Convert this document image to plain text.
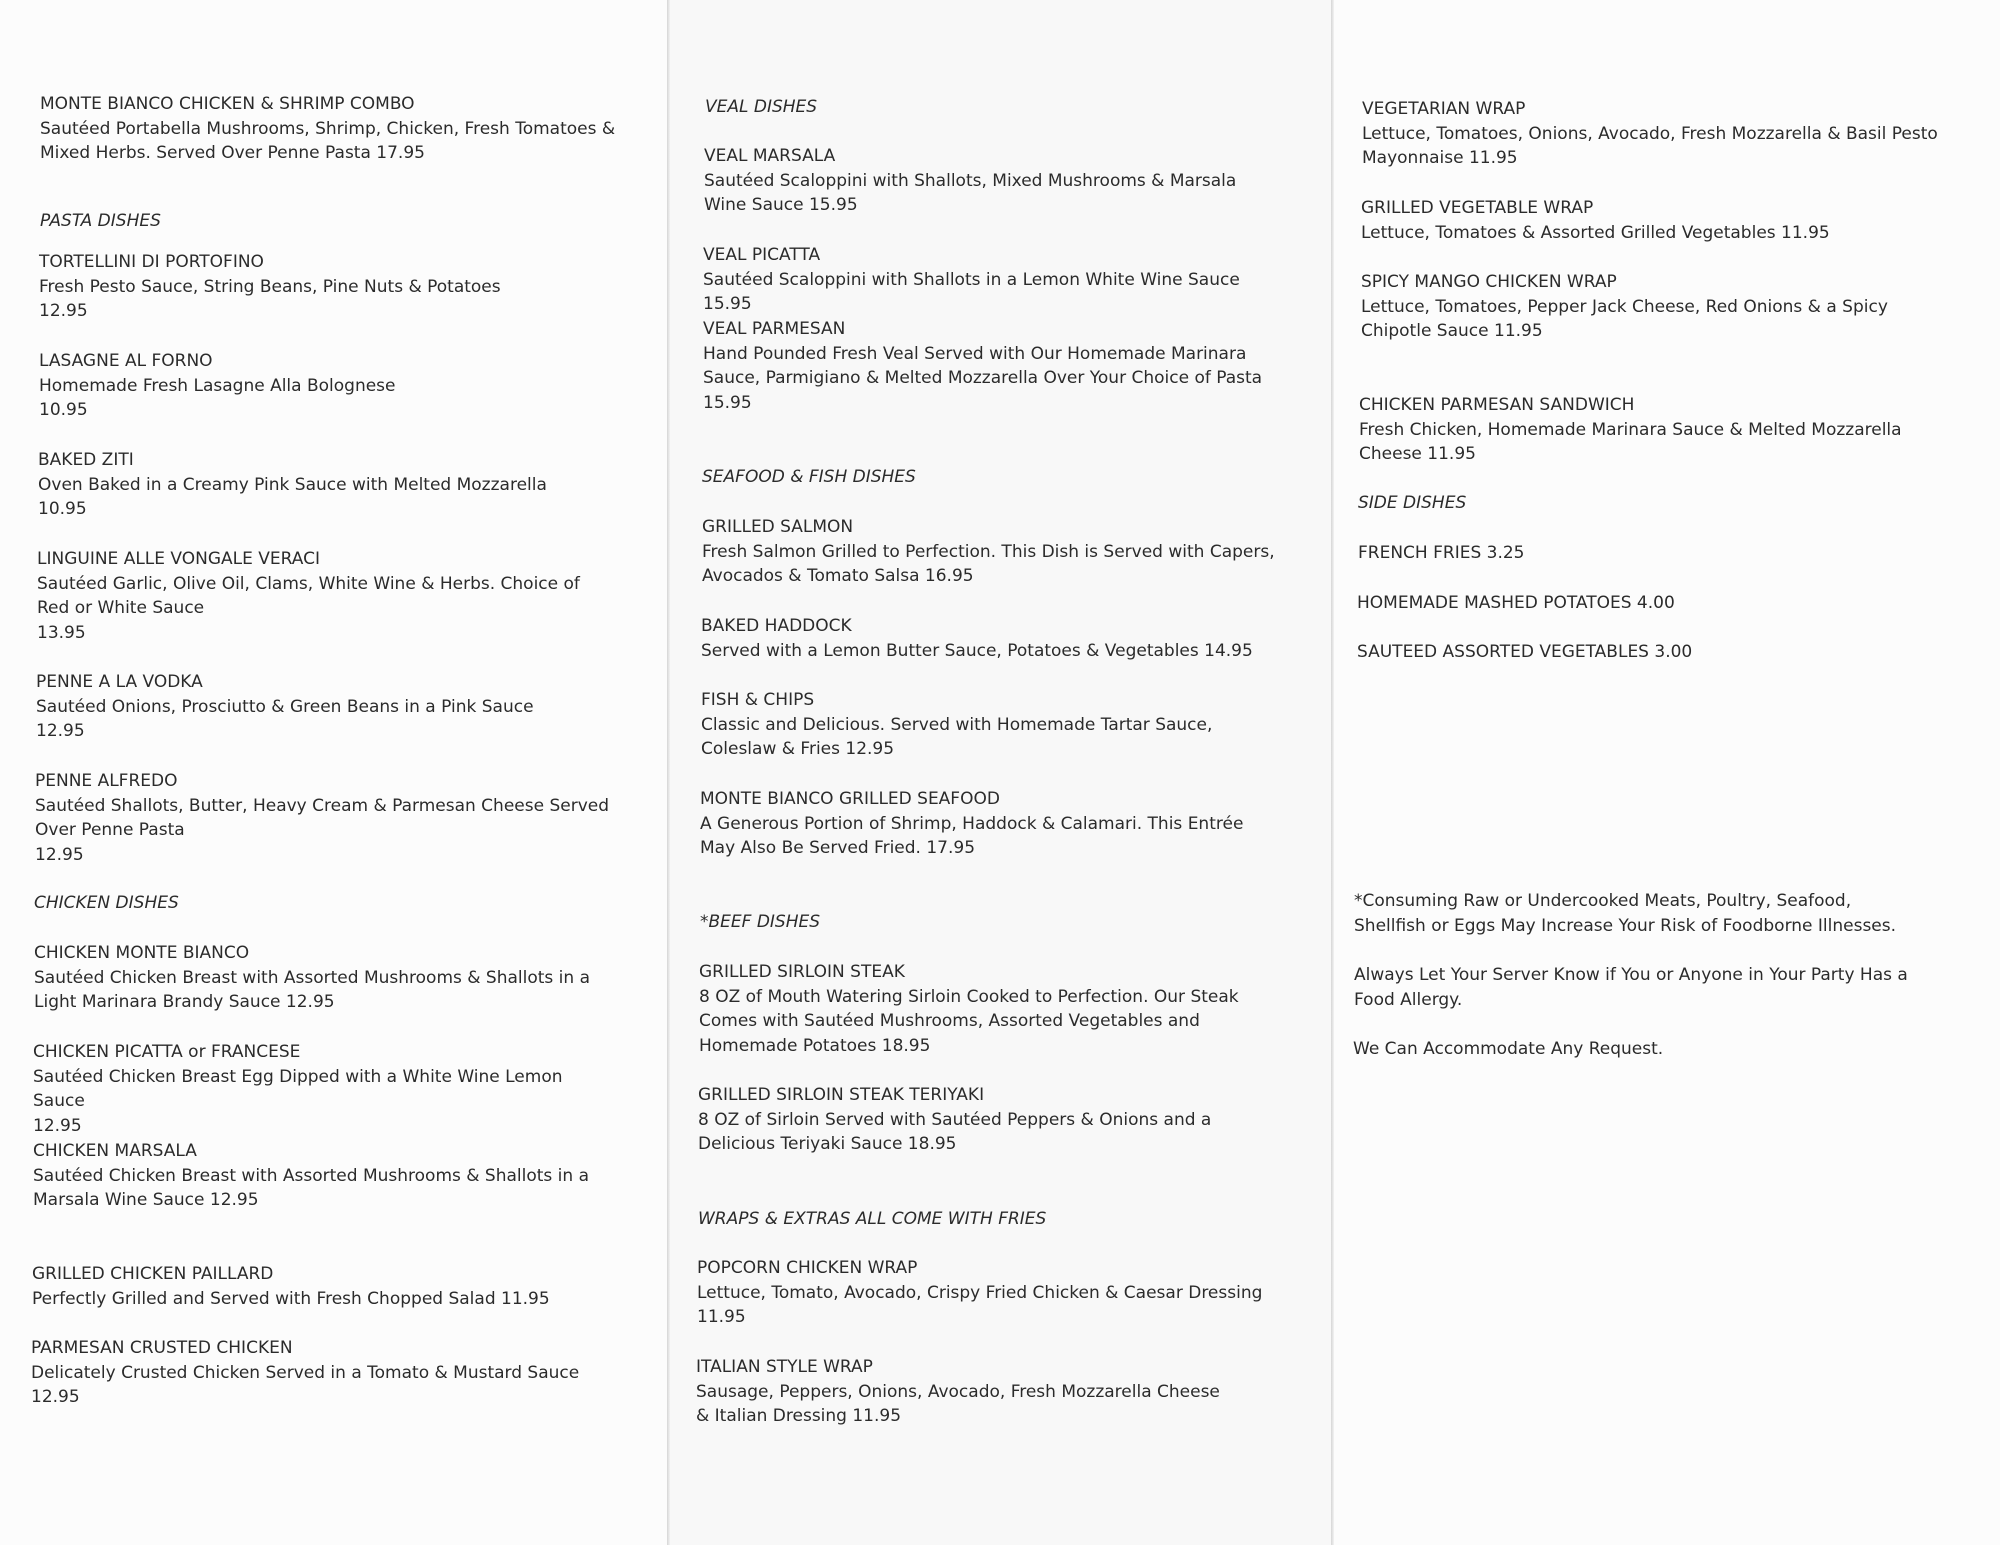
MONTE BIANCO CHICKEN & SHRIMP COMBO
Sautéed Portabella Mushrooms, Shrimp, Chicken, Fresh Tomatoes & Mixed Herbs. Served Over Penne Pasta 17.95
PASTA DISHES
TORTELLINI DI PORTOFINO
Fresh Pesto Sauce, String Beans, Pine Nuts & Potatoes
12.95
LASAGNE AL FORNO
Homemade Fresh Lasagne Alla Bolognese
10.95
BAKED ZITI
Oven Baked in a Creamy Pink Sauce with Melted Mozzarella
10.95
LINGUINE ALLE VONGALE VERACI
Sautéed Garlic, Olive Oil, Clams, White Wine & Herbs. Choice of Red or White Sauce
13.95
PENNE A LA VODKA
Sautéed Onions, Prosciutto & Green Beans in a Pink Sauce
12.95
PENNE ALFREDO
Sautéed Shallots, Butter, Heavy Cream & Parmesan Cheese Served Over Penne Pasta
12.95
CHICKEN DISHES
CHICKEN MONTE BIANCO
Sautéed Chicken Breast with Assorted Mushrooms & Shallots in a Light Marinara Brandy Sauce 12.95
CHICKEN PICATTA or FRANCESE
Sautéed Chicken Breast Egg Dipped with a White Wine Lemon Sauce
12.95
CHICKEN MARSALA
Sautéed Chicken Breast with Assorted Mushrooms & Shallots in a Marsala Wine Sauce 12.95
GRILLED CHICKEN PAILLARD
Perfectly Grilled and Served with Fresh Chopped Salad 11.95
PARMESAN CRUSTED CHICKEN
Delicately Crusted Chicken Served in a Tomato & Mustard Sauce
12.95
VEAL DISHES
VEAL MARSALA
Sautéed Scaloppini with Shallots, Mixed Mushrooms & Marsala Wine Sauce 15.95
VEAL PICATTA
Sautéed Scaloppini with Shallots in a Lemon White Wine Sauce 15.95
VEAL PARMESAN
Hand Pounded Fresh Veal Served with Our Homemade Marinara Sauce, Parmigiano & Melted Mozzarella Over Your Choice of Pasta
15.95
SEAFOOD & FISH DISHES
GRILLED SALMON
Fresh Salmon Grilled to Perfection. This Dish is Served with Capers, Avocados & Tomato Salsa 16.95
BAKED HADDOCK
Served with a Lemon Butter Sauce, Potatoes & Vegetables 14.95
FISH & CHIPS
Classic and Delicious. Served with Homemade Tartar Sauce, Coleslaw & Fries 12.95
MONTE BIANCO GRILLED SEAFOOD
A Generous Portion of Shrimp, Haddock & Calamari. This Entrée May Also Be Served Fried. 17.95
*BEEF DISHES
GRILLED SIRLOIN STEAK
8 OZ of Mouth Watering Sirloin Cooked to Perfection. Our Steak Comes with Sautéed Mushrooms, Assorted Vegetables and Homemade Potatoes 18.95
GRILLED SIRLOIN STEAK TERIYAKI
8 OZ of Sirloin Served with Sautéed Peppers & Onions and a Delicious Teriyaki Sauce 18.95
WRAPS & EXTRAS ALL COME WITH FRIES
POPCORN CHICKEN WRAP
Lettuce, Tomato, Avocado, Crispy Fried Chicken & Caesar Dressing 11.95
ITALIAN STYLE WRAP
Sausage, Peppers, Onions, Avocado, Fresh Mozzarella Cheese & Italian Dressing 11.95
VEGETARIAN WRAP
Lettuce, Tomatoes, Onions, Avocado, Fresh Mozzarella & Basil Pesto Mayonnaise 11.95
GRILLED VEGETABLE WRAP
Lettuce, Tomatoes & Assorted Grilled Vegetables 11.95
SPICY MANGO CHICKEN WRAP
Lettuce, Tomatoes, Pepper Jack Cheese, Red Onions & a Spicy Chipotle Sauce 11.95
CHICKEN PARMESAN SANDWICH
Fresh Chicken, Homemade Marinara Sauce & Melted Mozzarella Cheese 11.95
SIDE DISHES
FRENCH FRIES 3.25
HOMEMADE MASHED POTATOES 4.00
SAUTEED ASSORTED VEGETABLES 3.00
*Consuming Raw or Undercooked Meats, Poultry, Seafood, Shellfish or Eggs May Increase Your Risk of Foodborne Illnesses.
Always Let Your Server Know if You or Anyone in Your Party Has a Food Allergy.
We Can Accommodate Any Request.
